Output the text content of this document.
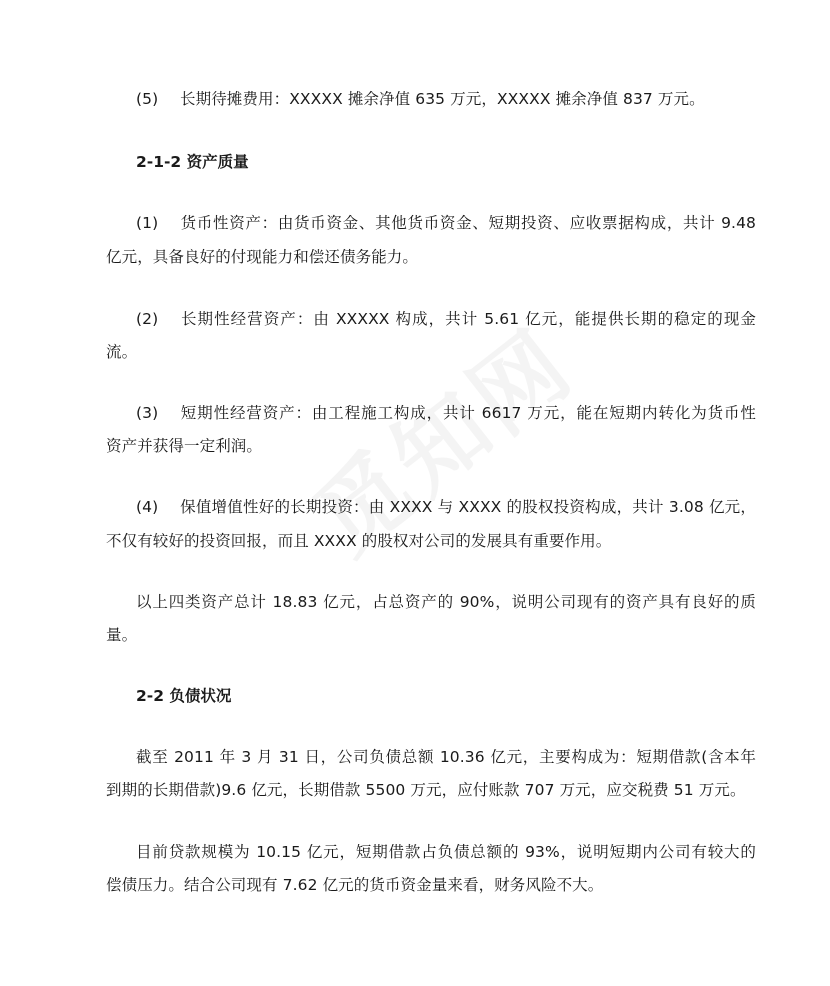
(5) 长期待摊费用：XXXXX 摊余净值 635 万元，XXXXX 摊余净值 837 万元。
2-1-2 资产质量
(1) 货币性资产：由货币资金、其他货币资金、短期投资、应收票据构成，共计 9.48
亿元，具备良好的付现能力和偿还债务能力。
(2) 长期性经营资产：由 XXXXX 构成，共计 5.61 亿元，能提供长期的稳定的现金
流。
(3) 短期性经营资产：由工程施工构成，共计 6617 万元，能在短期内转化为货币性
资产并获得一定利润。
(4) 保值增值性好的长期投资：由 XXXX 与 XXXX 的股权投资构成，共计 3.08 亿元，
不仅有较好的投资回报，而且 XXXX 的股权对公司的发展具有重要作用。
以上四类资产总计 18.83 亿元，占总资产的 90%，说明公司现有的资产具有良好的质
量。
2-2 负债状况
截至 2011 年 3 月 31 日，公司负债总额 10.36 亿元，主要构成为：短期借款(含本年
到期的长期借款)9.6 亿元，长期借款 5500 万元，应付账款 707 万元，应交税费 51 万元。
目前贷款规模为 10.15 亿元，短期借款占负债总额的 93%，说明短期内公司有较大的
偿债压力。结合公司现有 7.62 亿元的货币资金量来看，财务风险不大。
